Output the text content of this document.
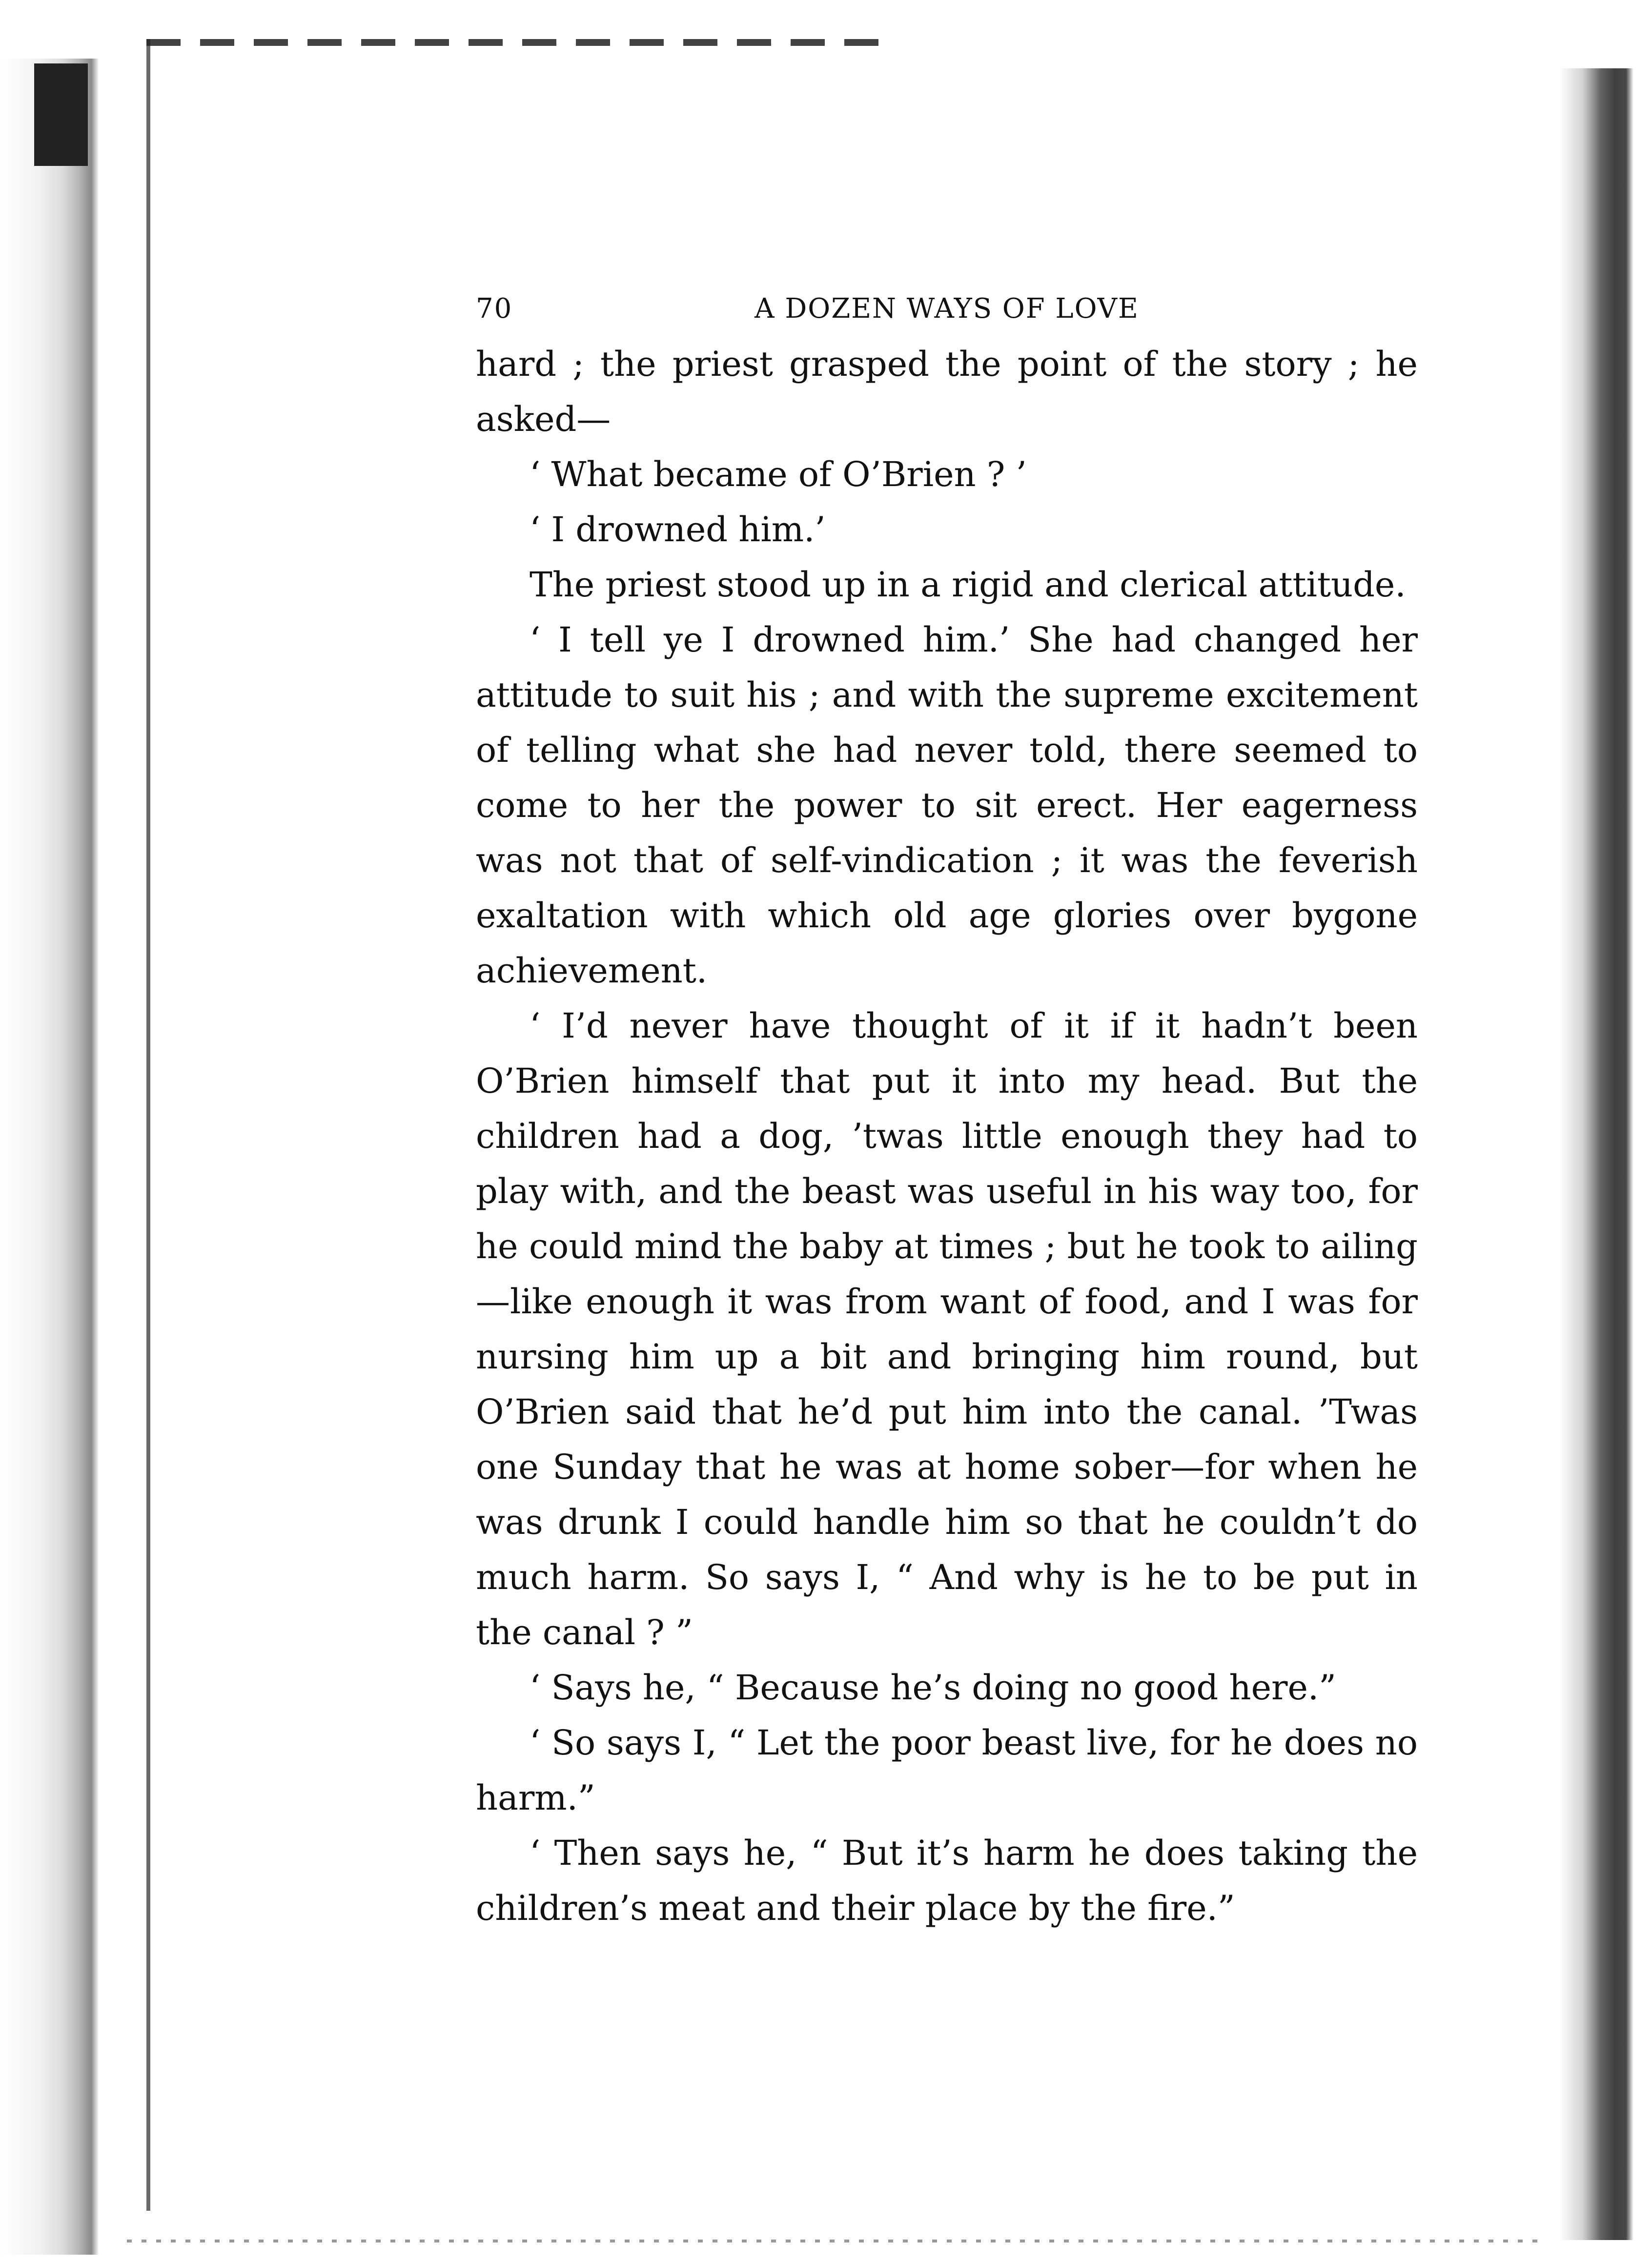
70	A DOZEN WAYS OF LOVE

hard ; the priest grasped the point of the story ; he asked—

‘ What became of O’Brien ? ’

‘ I drowned him.’

The priest stood up in a rigid and clerical attitude.

‘ I tell ye I drowned him.’ She had changed her attitude to suit his ; and with the supreme excitement of telling what she had never told, there seemed to come to her the power to sit erect. Her eagerness was not that of self-vindication ; it was the feverish exaltation with which old age glories over bygone achievement.

‘ I’d never have thought of it if it hadn’t been O’Brien himself that put it into my head. But the children had a dog, ’twas little enough they had to play with, and the beast was useful in his way too, for he could mind the baby at times ; but he took to ailing—like enough it was from want of food, and I was for nursing him up a bit and bringing him round, but O’Brien said that he’d put him into the canal. ’Twas one Sunday that he was at home sober—for when he was drunk I could handle him so that he couldn’t do much harm. So says I, “ And why is he to be put in the canal ? ”

‘ Says he, “ Because he’s doing no good here.”

‘ So says I, “ Let the poor beast live, for he does no harm.”

‘ Then says he, “ But it’s harm he does taking the children’s meat and their place by the fire.”
